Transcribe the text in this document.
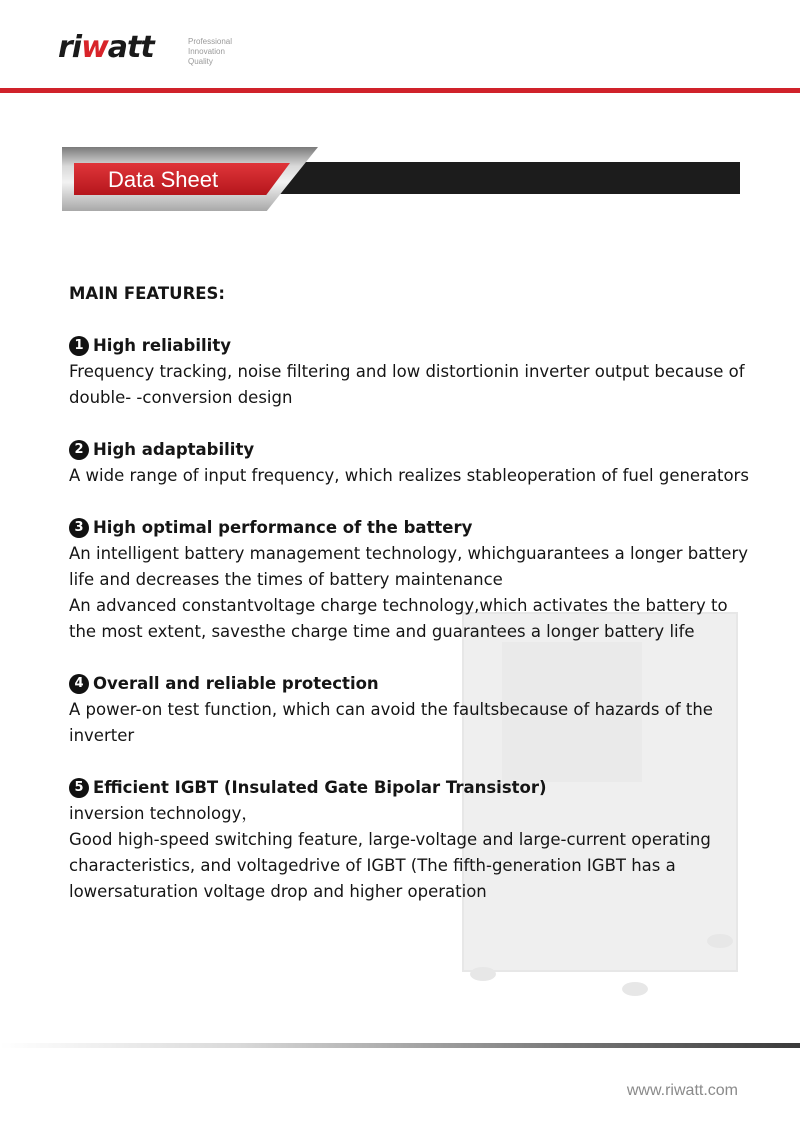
riwatt	Professional
Innovation
Quality
Data Sheet
MAIN FEATURES:
1 High reliability
Frequency tracking, noise filtering and low distortionin inverter output because of double- -conversion design
2 High adaptability
A wide range of input frequency, which realizes stableoperation of fuel generators
3 High optimal performance of the battery
An intelligent battery management technology, whichguarantees a longer battery life and decreases the times of battery maintenance
An advanced constantvoltage charge technology,which activates the battery to the most extent, savesthe charge time and guarantees a longer battery life
4 Overall and reliable protection
A power-on test function, which can avoid the faultsbecause of hazards of the inverter
5 Efficient IGBT (Insulated Gate Bipolar Transistor)
inversion technology，
Good high-speed switching feature, large-voltage and large-current operating characteristics, and voltagedrive of IGBT (The fifth-generation IGBT has a lowersaturation voltage drop and higher operation
www.riwatt.com
